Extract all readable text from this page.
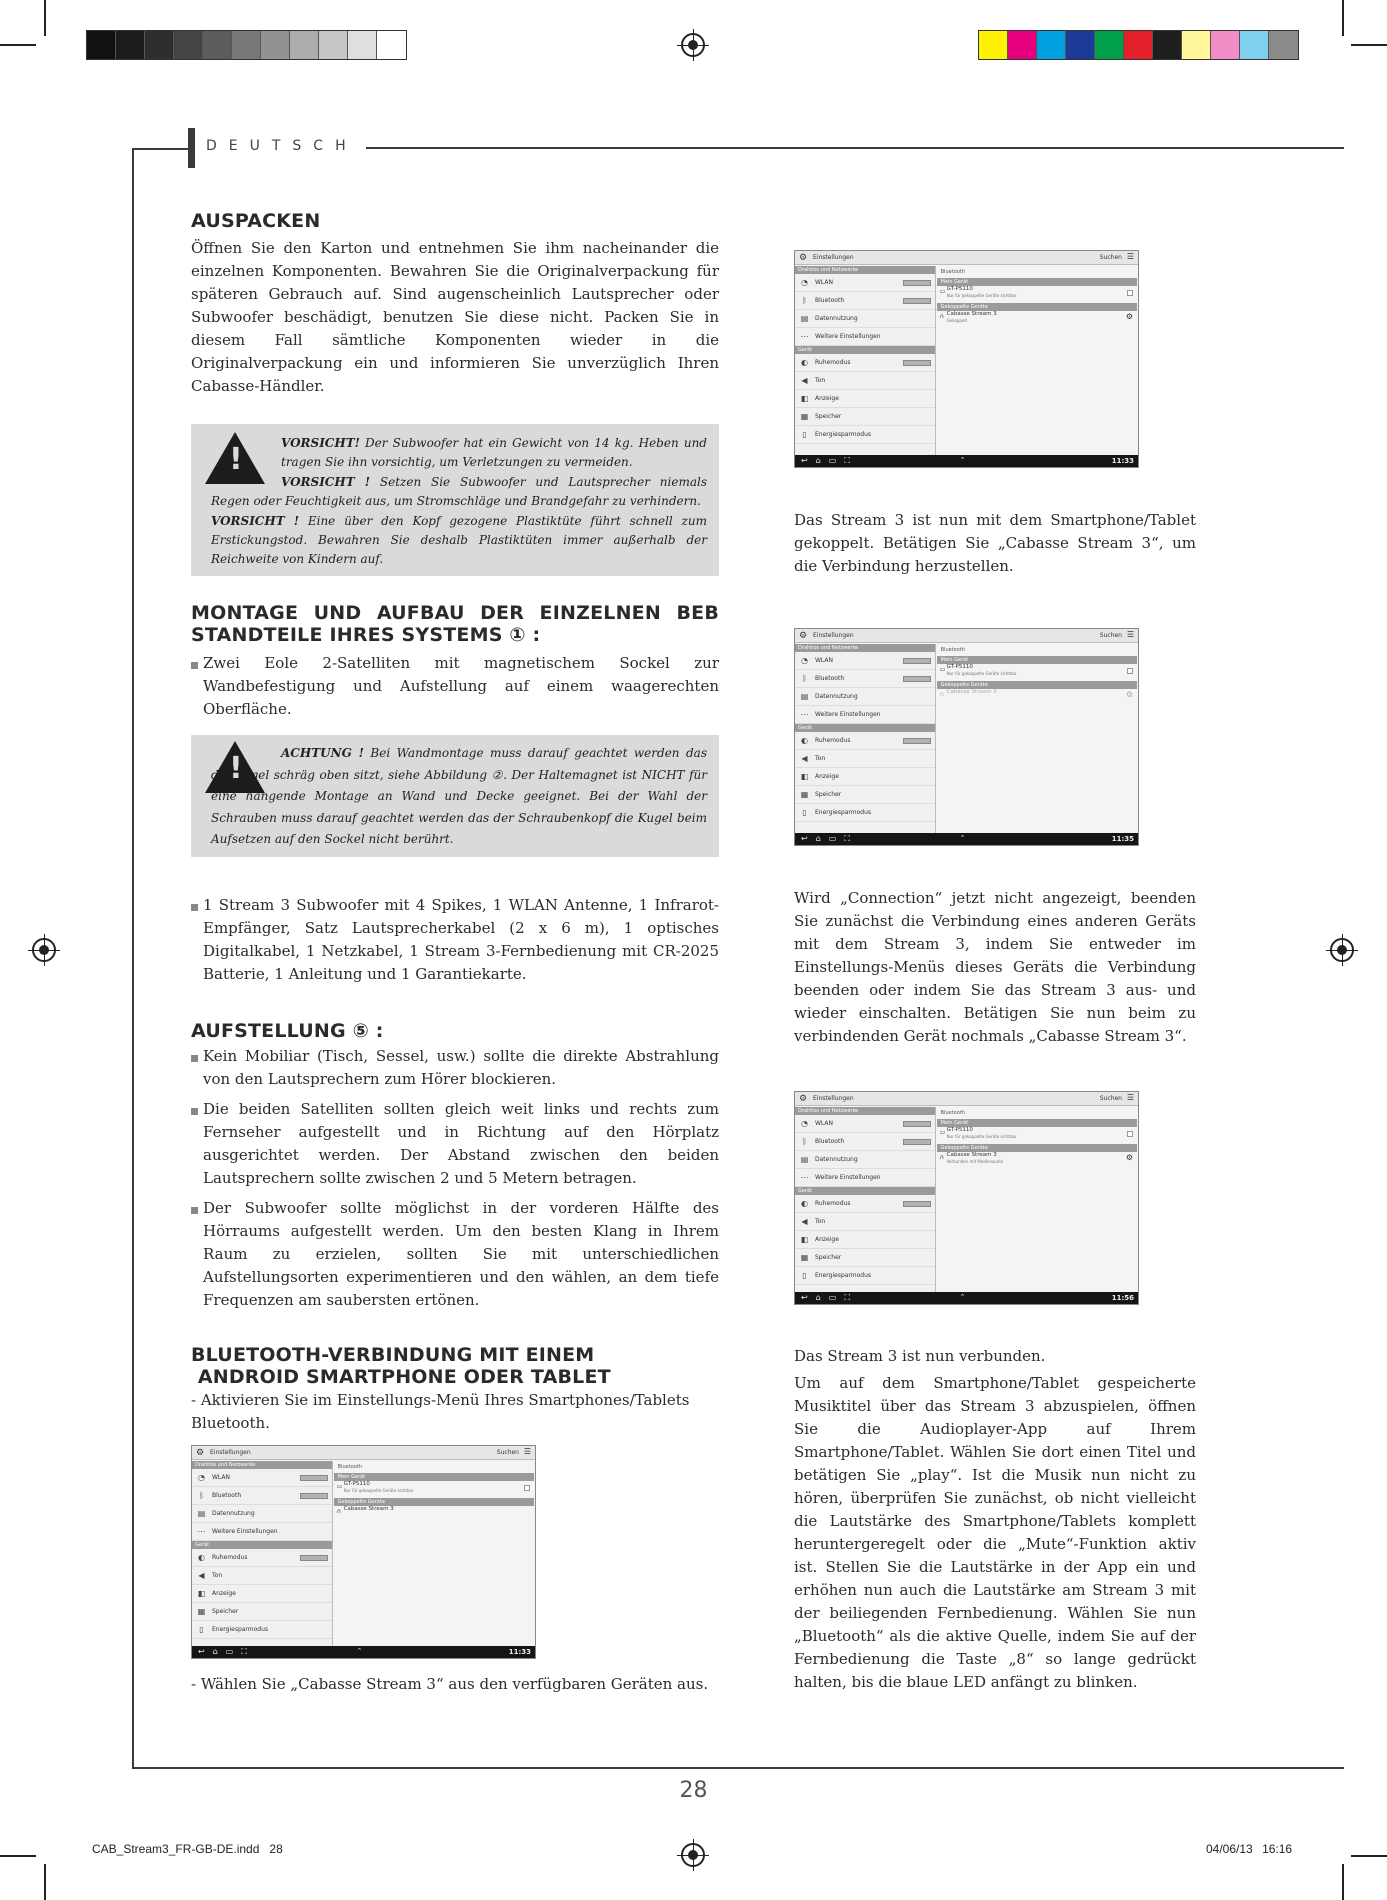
DEUTSCH
AUSPACKEN

Öffnen Sie den Karton und entnehmen Sie ihm nacheinander die einzelnen Komponenten. Bewahren Sie die Originalverpackung für späteren Gebrauch auf. Sind augenscheinlich Lautsprecher oder Subwoofer beschädigt, benutzen Sie diese nicht. Packen Sie in diesem Fall sämtliche Komponenten wieder in die Originalverpackung ein und informieren Sie unverzüglich Ihren Cabasse-Händler.

!
VORSICHT! Der Subwoofer hat ein Gewicht von 14 kg. Heben und tragen Sie ihn vorsichtig, um Verletzungen zu vermeiden.
VORSICHT ! Setzen Sie Subwoofer und Lautsprecher niemals Regen oder Feuchtigkeit aus, um Stromschläge und Brandgefahr zu verhindern.
VORSICHT ! Eine über den Kopf gezogene Plastiktüte führt schnell zum Erstickungstod. Bewahren Sie deshalb Plastiktüten immer außerhalb der Reichweite von Kindern auf.
MONTAGE UND AUFBAU DER EINZELNEN BEB
STANDTEILE IHRES SYSTEMS ① :
Zwei Eole 2-Satelliten mit magnetischem Sockel zur Wandbefestigung und Aufstellung auf einem waagerechten Oberfläche.
!
ACHTUNG ! Bei Wandmontage muss darauf geachtet werden das die Kugel schräg oben sitzt, siehe Abbildung ②. Der Haltemagnet ist NICHT für eine hängende Montage an Wand und Decke geeignet. Bei der Wahl der Schrauben muss darauf geachtet werden das der Schraubenkopf die Kugel beim Aufsetzen auf den Sockel nicht berührt.
1 Stream 3 Subwoofer mit 4 Spikes, 1 WLAN Antenne, 1 Infrarot-Empfänger, Satz Lautsprecherkabel (2 x 6 m), 1 optisches Digitalkabel, 1 Netzkabel, 1 Stream 3-Fernbedienung mit CR-2025 Batterie, 1 Anleitung und 1 Garantiekarte.
AUFSTELLUNG ⑤ :
Kein Mobiliar (Tisch, Sessel, usw.) sollte die direkte Abstrahlung von den Lautsprechern zum Hörer blockieren.
Die beiden Satelliten sollten gleich weit links und rechts zum Fernseher aufgestellt und in Richtung auf den Hörplatz ausgerichtet werden. Der Abstand zwischen den beiden Lautsprechern sollte zwischen 2 und 5 Metern betragen.
Der Subwoofer sollte möglichst in der vorderen Hälfte des Hörraums aufgestellt werden. Um den besten Klang in Ihrem Raum zu erzielen, sollten Sie mit unterschiedlichen Aufstellungsorten experimentieren und den wählen, an dem tiefe Frequenzen am saubersten ertönen.
BLUETOOTH-VERBINDUNG MIT EINEM
ANDROID SMARTPHONE ODER TABLET

- Aktivieren Sie im Einstellungs-Menü Ihres Smartphones/Tablets Bluetooth.

⚙ Einstellungen	Suchen ☰
Drahtlos und Netzwerke
◔	WLAN
ᛒ	Bluetooth
▤ Datennutzung
⋯ Weitere Einstellungen
Gerät
◐	Ruhemodus
◀	Ton
◧ Anzeige
▦ Speicher
▯	Energiesparmodus
Bluetooth
Mein Gerät
▭ GT-P5110
Nur für gekoppelte Geräte sichtbar
Gekoppelte Geräte
∩ Cabasse Stream 3
↩⌂▭⛶	⌃	11:33

- Wählen Sie „Cabasse Stream 3“ aus den verfügbaren Geräten aus.

⚙ Einstellungen	Suchen ☰
Drahtlos und Netzwerke
◔	WLAN
ᛒ	Bluetooth
▤ Datennutzung
⋯ Weitere Einstellungen
Gerät
◐	Ruhemodus
◀	Ton
◧ Anzeige
▦ Speicher
▯	Energiesparmodus
Bluetooth
Mein Gerät
▭ GT-P5110
Nur für gekoppelte Geräte sichtbar
Gekoppelte Geräte
∩ Cabasse Stream 3
Gekoppelt	⚙
↩⌂▭⛶	⌃	11:33

Das Stream 3 ist nun mit dem Smartphone/Tablet gekoppelt. Betätigen Sie „Cabasse Stream 3“, um die Verbindung herzustellen.

⚙ Einstellungen	Suchen ☰
Drahtlos und Netzwerke
◔	WLAN
ᛒ	Bluetooth
▤ Datennutzung
⋯ Weitere Einstellungen
Gerät
◐	Ruhemodus
◀	Ton
◧ Anzeige
▦ Speicher
▯	Energiesparmodus
Bluetooth
Mein Gerät
▭ GT-P5110
Nur für gekoppelte Geräte sichtbar
Gekoppelte Geräte
∩ Cabasse Stream 3	⚙
↩⌂▭⛶	⌃	11:35

Wird „Connection“ jetzt nicht angezeigt, beenden Sie zunächst die Verbindung eines anderen Geräts mit dem Stream 3, indem Sie entweder im Einstellungs-Menüs dieses Geräts die Verbindung beenden oder indem Sie das Stream 3 aus- und wieder einschalten. Betätigen Sie nun beim zu verbindenden Gerät nochmals „Cabasse Stream 3“.

⚙ Einstellungen	Suchen ☰
Drahtlos und Netzwerke
◔	WLAN
ᛒ	Bluetooth
▤ Datennutzung
⋯ Weitere Einstellungen
Gerät
◐	Ruhemodus
◀	Ton
◧ Anzeige
▦ Speicher
▯	Energiesparmodus
Bluetooth
Mein Gerät
▭ GT-P5110
Nur für gekoppelte Geräte sichtbar
Gekoppelte Geräte
∩ Cabasse Stream 3
Verbunden mit Medienaudio	⚙
↩⌂▭⛶	⌃	11:56

Das Stream 3 ist nun verbunden.

Um auf dem Smartphone/Tablet gespeicherte Musiktitel über das Stream 3 abzuspielen, öffnen Sie die Audioplayer-App auf Ihrem Smartphone/Tablet. Wählen Sie dort einen Titel und betätigen Sie „play“. Ist die Musik nun nicht zu hören, überprüfen Sie zunächst, ob nicht vielleicht die Lautstärke des Smartphone/Tablets komplett heruntergeregelt oder die „Mute“-Funktion aktiv ist. Stellen Sie die Lautstärke in der App ein und erhöhen nun auch die Lautstärke am Stream 3 mit der beiliegenden Fernbedienung. Wählen Sie nun „Bluetooth“ als die aktive Quelle, indem Sie auf der Fernbedienung die Taste „8“ so lange gedrückt halten, bis die blaue LED anfängt zu blinken.

28
CAB_Stream3_FR-GB-DE.indd   28	04/06/13 16:16
